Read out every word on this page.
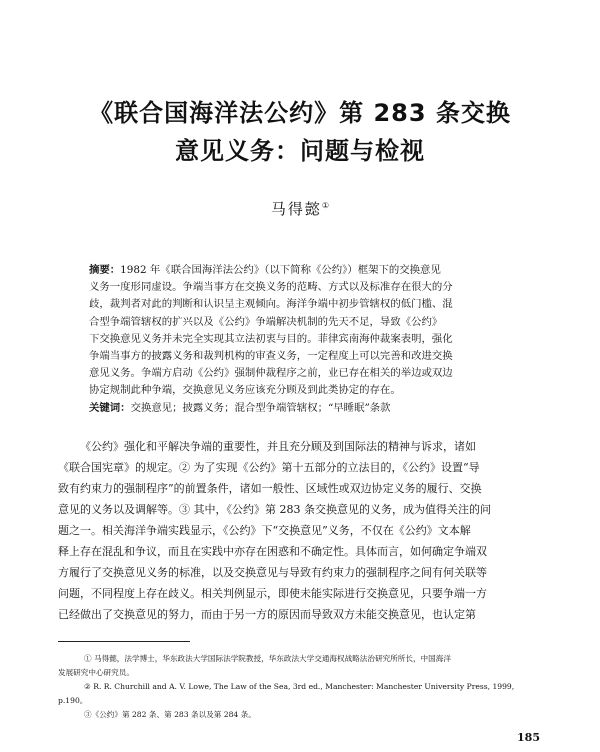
《联合国海洋法公约》第 283 条交换
意见义务：问题与检视
马得懿①
摘要：1982 年《联合国海洋法公约》（以下简称《公约》）框架下的交换意见
义务一度形同虚设。争端当事方在交换义务的范畴、方式以及标准存在很大的分
歧，裁判者对此的判断和认识呈主观倾向。海洋争端中初步管辖权的低门槛、混
合型争端管辖权的扩兴以及《公约》争端解决机制的先天不足，导致《公约》
下交换意见义务并未完全实现其立法初衷与目的。菲律宾南海仲裁案表明，强化
争端当事方的披露义务和裁判机构的审查义务，一定程度上可以完善和改进交换
意见义务。争端方启动《公约》强制仲裁程序之前，业已存在相关的举边或双边
协定规制此种争端，交换意见义务应该充分顾及到此类协定的存在。
关键词：交换意见；披露义务；混合型争端管辖权；“早睡眠”条款
《公约》强化和平解决争端的重要性，并且充分顾及到国际法的精神与诉求，诸如
《联合国宪章》的规定。② 为了实现《公约》第十五部分的立法目的，《公约》设置“导
致有约束力的强制程序”的前置条件，诸如一般性、区域性或双边协定义务的履行、交换
意见的义务以及调解等。③ 其中，《公约》第 283 条交换意见的义务，成为值得关注的问
题之一。相关海洋争端实践显示，《公约》下“交换意见”义务，不仅在《公约》文本解
释上存在混乱和争议，而且在实践中亦存在困惑和不确定性。具体而言，如何确定争端双
方履行了交换意见义务的标准，以及交换意见与导致有约束力的强制程序之间有何关联等
问题，不同程度上存在歧义。相关判例显示，即使未能实际进行交换意见，只要争端一方
已经做出了交换意见的努力，而由于另一方的原因而导致双方未能交换意见，也认定第
① 马得懿，法学博士，华东政法大学国际法学院教授，华东政法大学交通海权战略法治研究所所长，中国海洋
发展研究中心研究员。
② R. R. Churchill and A. V. Lowe, The Law of the Sea, 3rd ed., Manchester: Manchester University Press, 1999,
p.190。
③《公约》第 282 条、第 283 条以及第 284 条。
185
